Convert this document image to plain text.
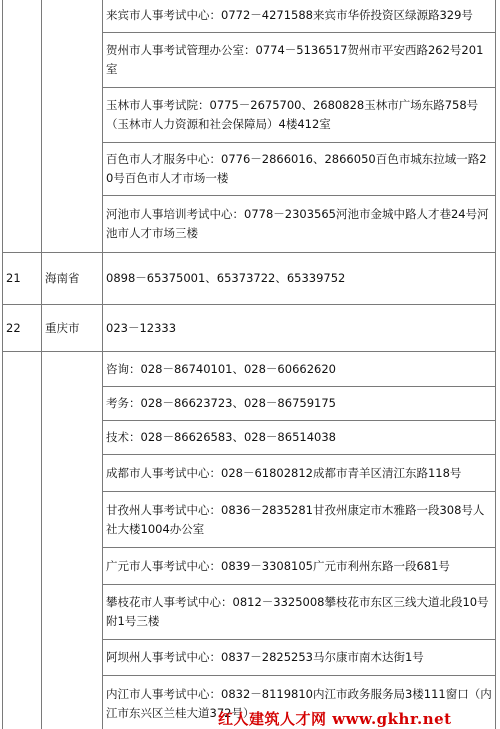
		来宾市人事考试中心：0772－4271588来宾市华侨投资区绿源路329号
		贺州市人事考试管理办公室：0774－5136517贺州市平安西路262号201室
		玉林市人事考试院：0775－2675700、2680828玉林市广场东路758号（玉林市人力资源和社会保障局）4楼412室
		百色市人才服务中心：0776－2866016、2866050百色市城东拉域一路20号百色市人才市场一楼
		河池市人事培训考试中心：0778－2303565河池市金城中路人才巷24号河池市人才市场三楼
21	海南省	0898－65375001、65373722、65339752
22	重庆市	023－12333
		咨询：028－86740101、028－60662620
		考务：028－86623723、028－86759175
		技术：028－86626583、028－86514038
		成都市人事考试中心：028－61802812成都市青羊区清江东路118号
		甘孜州人事考试中心：0836－2835281甘孜州康定市木雅路一段308号人社大楼1004办公室
		广元市人事考试中心：0839－3308105广元市利州东路一段681号
		攀枝花市人事考试中心：0812－3325008攀枝花市东区三线大道北段10号附1号三楼
		阿坝州人事考试中心：0837－2825253马尔康市南木达街1号
		内江市人事考试中心：0832－8119810内江市政务服务局3楼111窗口（内江市东兴区兰桂大道372号）
红人建筑人才网 www.gkhr.net
